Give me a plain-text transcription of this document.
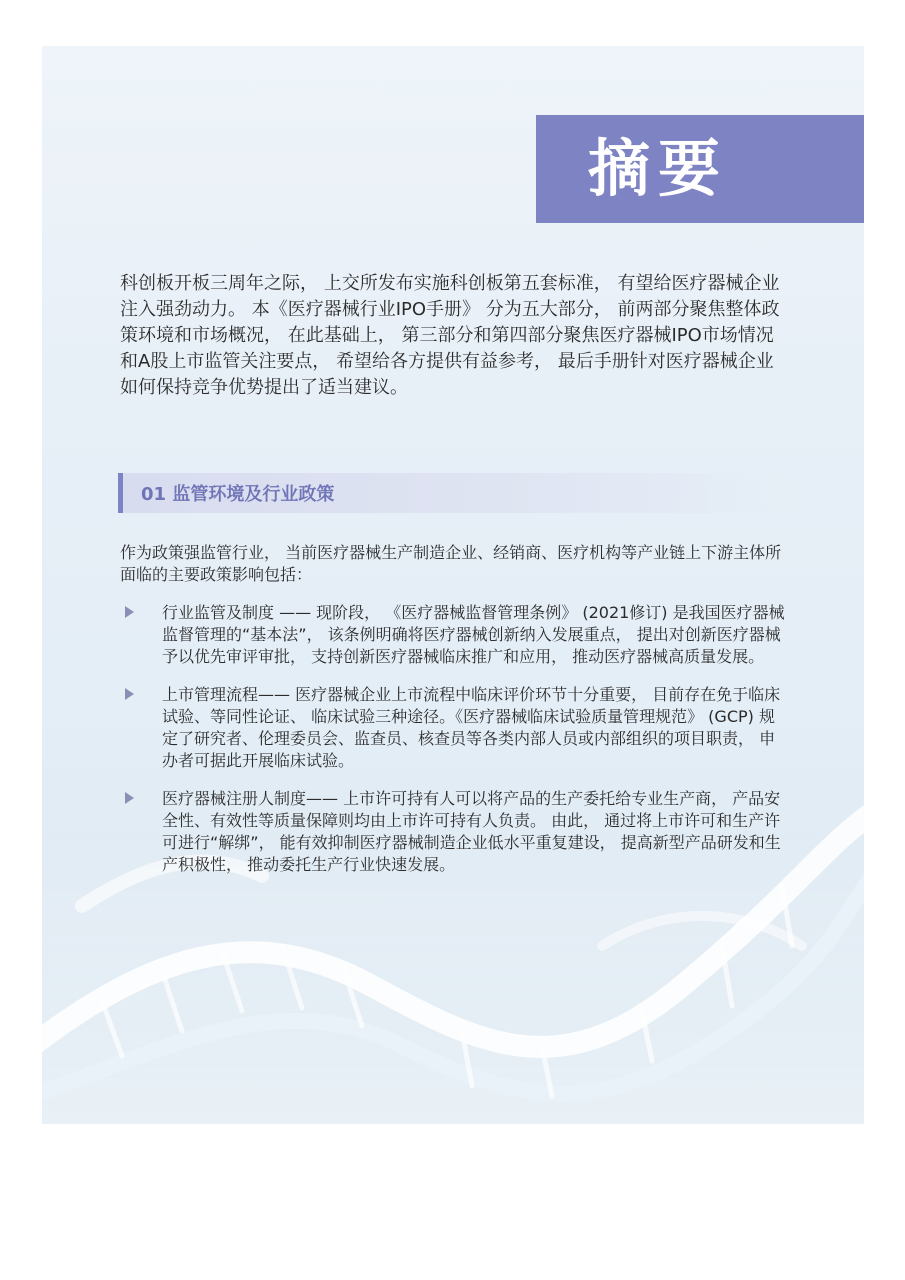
摘要

科创板开板三周年之际， 上交所发布实施科创板第五套标准， 有望给医疗器械企业注入强劲动力。 本《医疗器械行业IPO手册》 分为五大部分， 前两部分聚焦整体政策环境和市场概况， 在此基础上， 第三部分和第四部分聚焦医疗器械IPO市场情况和A股上市监管关注要点， 希望给各方提供有益参考， 最后手册针对医疗器械企业如何保持竞争优势提出了适当建议。

01 监管环境及行业政策

作为政策强监管行业， 当前医疗器械生产制造企业、经销商、医疗机构等产业链上下游主体所面临的主要政策影响包括：

行业监管及制度 —— 现阶段， 《医疗器械监督管理条例》 (2021修订) 是我国医疗器械监督管理的“基本法”， 该条例明确将医疗器械创新纳入发展重点， 提出对创新医疗器械予以优先审评审批， 支持创新医疗器械临床推广和应用， 推动医疗器械高质量发展。
上市管理流程—— 医疗器械企业上市流程中临床评价环节十分重要， 目前存在免于临床试验、等同性论证、 临床试验三种途径。《医疗器械临床试验质量管理规范》 (GCP) 规定了研究者、伦理委员会、监查员、核查员等各类内部人员或内部组织的项目职责， 申办者可据此开展临床试验。
医疗器械注册人制度—— 上市许可持有人可以将产品的生产委托给专业生产商， 产品安全性、有效性等质量保障则均由上市许可持有人负责。 由此， 通过将上市许可和生产许可进行“解绑”， 能有效抑制医疗器械制造企业低水平重复建设， 提高新型产品研发和生产积极性， 推动委托生产行业快速发展。
